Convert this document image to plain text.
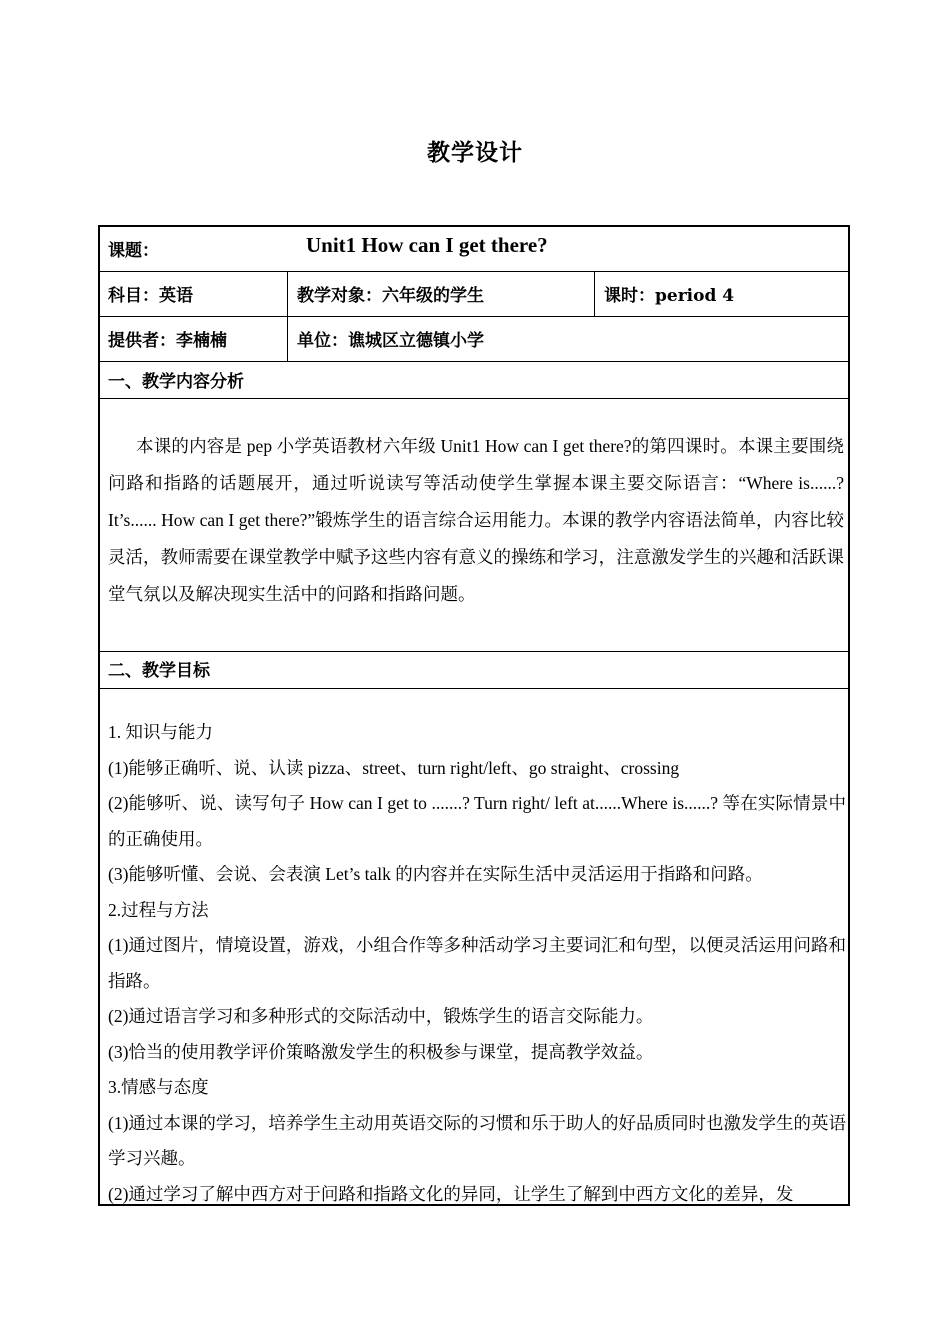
教学设计
课题：	Unit1 How can I get there?
科目：英语	教学对象：六年级的学生	课时：period 4
提供者：李楠楠	单位：谯城区立德镇小学
一、教学内容分析

本课的内容是 pep 小学英语教材六年级 Unit1 How can I get there?的第四课时。本课主要围绕问路和指路的话题展开，通过听说读写等活动使学生掌握本课主要交际语言：“Where is......? It’s...... How can I get there?”锻炼学生的语言综合运用能力。本课的教学内容语法简单，内容比较灵活，教师需要在课堂教学中赋予这些内容有意义的操练和学习，注意激发学生的兴趣和活跃课堂气氛以及解决现实生活中的问路和指路问题。

二、教学目标
1. 知识与能力
(1)能够正确听、说、认读 pizza、street、turn right/left、go straight、crossing
(2)能够听、说、读写句子 How can I get to .......? Turn right/ left at......Where is......? 等在实际情景中的正确使用。
(3)能够听懂、会说、会表演 Let’s talk 的内容并在实际生活中灵活运用于指路和问路。
2.过程与方法
(1)通过图片，情境设置，游戏，小组合作等多种活动学习主要词汇和句型，以便灵活运用问路和指路。
(2)通过语言学习和多种形式的交际活动中，锻炼学生的语言交际能力。
(3)恰当的使用教学评价策略激发学生的积极参与课堂，提高教学效益。
3.情感与态度
(1)通过本课的学习，培养学生主动用英语交际的习惯和乐于助人的好品质同时也激发学生的英语学习兴趣。
(2)通过学习了解中西方对于问路和指路文化的异同，让学生了解到中西方文化的差异，发
